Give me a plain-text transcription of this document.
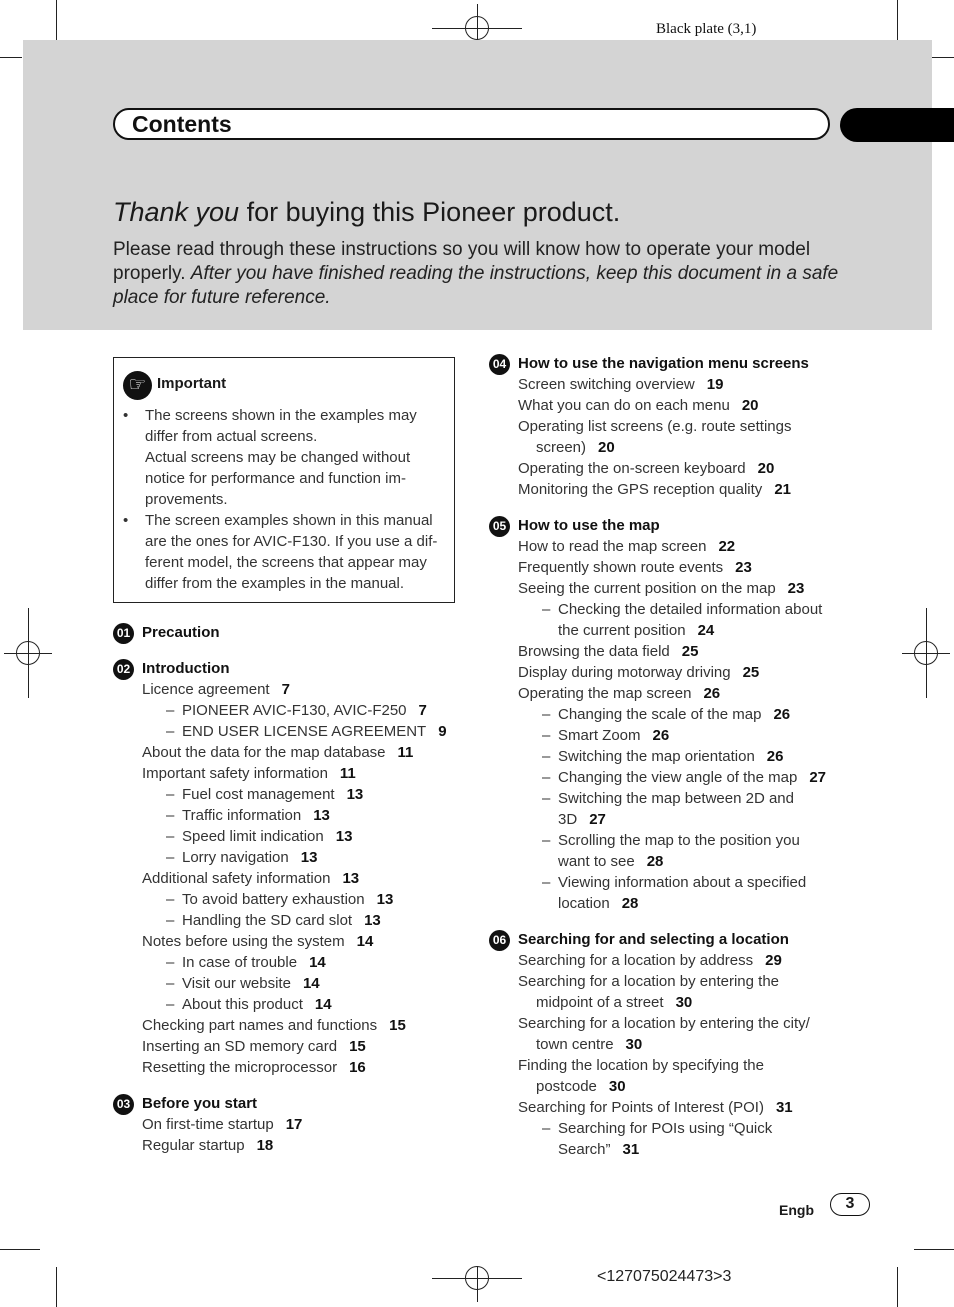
Black plate (3,1)
Contents
Thank you for buying this Pioneer product.
Please read through these instructions so you will know how to operate your model properly. After you have finished reading the instructions, keep this document in a safe place for future reference.
☞ Important
• The screens shown in the examples may differ from actual screens.
Actual screens may be changed without notice for performance and function im-provements.
• The screen examples shown in this manual are the ones for AVIC-F130. If you use a dif-ferent model, the screens that appear may differ from the examples in the manual.
01 Precaution
02 Introduction
Licence agreement 7
– PIONEER AVIC-F130, AVIC-F250 7
– END USER LICENSE AGREEMENT 9
About the data for the map database 11
Important safety information 11
– Fuel cost management 13
– Traffic information 13
– Speed limit indication 13
– Lorry navigation 13
Additional safety information 13
– To avoid battery exhaustion 13
– Handling the SD card slot 13
Notes before using the system 14
– In case of trouble 14
– Visit our website 14
– About this product 14
Checking part names and functions 15
Inserting an SD memory card 15
Resetting the microprocessor 16
03 Before you start
On first-time startup 17
Regular startup 18
04 How to use the navigation menu screens
Screen switching overview 19
What you can do on each menu 20
Operating list screens (e.g. route settings screen) 20
Operating the on-screen keyboard 20
Monitoring the GPS reception quality 21
05 How to use the map
How to read the map screen 22
Frequently shown route events 23
Seeing the current position on the map 23
– Checking the detailed information about the current position 24
Browsing the data field 25
Display during motorway driving 25
Operating the map screen 26
– Changing the scale of the map 26
– Smart Zoom 26
– Switching the map orientation 26
– Changing the view angle of the map 27
– Switching the map between 2D and 3D 27
– Scrolling the map to the position you want to see 28
– Viewing information about a specified location 28
06 Searching for and selecting a location
Searching for a location by address 29
Searching for a location by entering the midpoint of a street 30
Searching for a location by entering the city/ town centre 30
Finding the location by specifying the postcode 30
Searching for Points of Interest (POI) 31
– Searching for POIs using “Quick Search” 31
Engb	3
<127075024473>3
